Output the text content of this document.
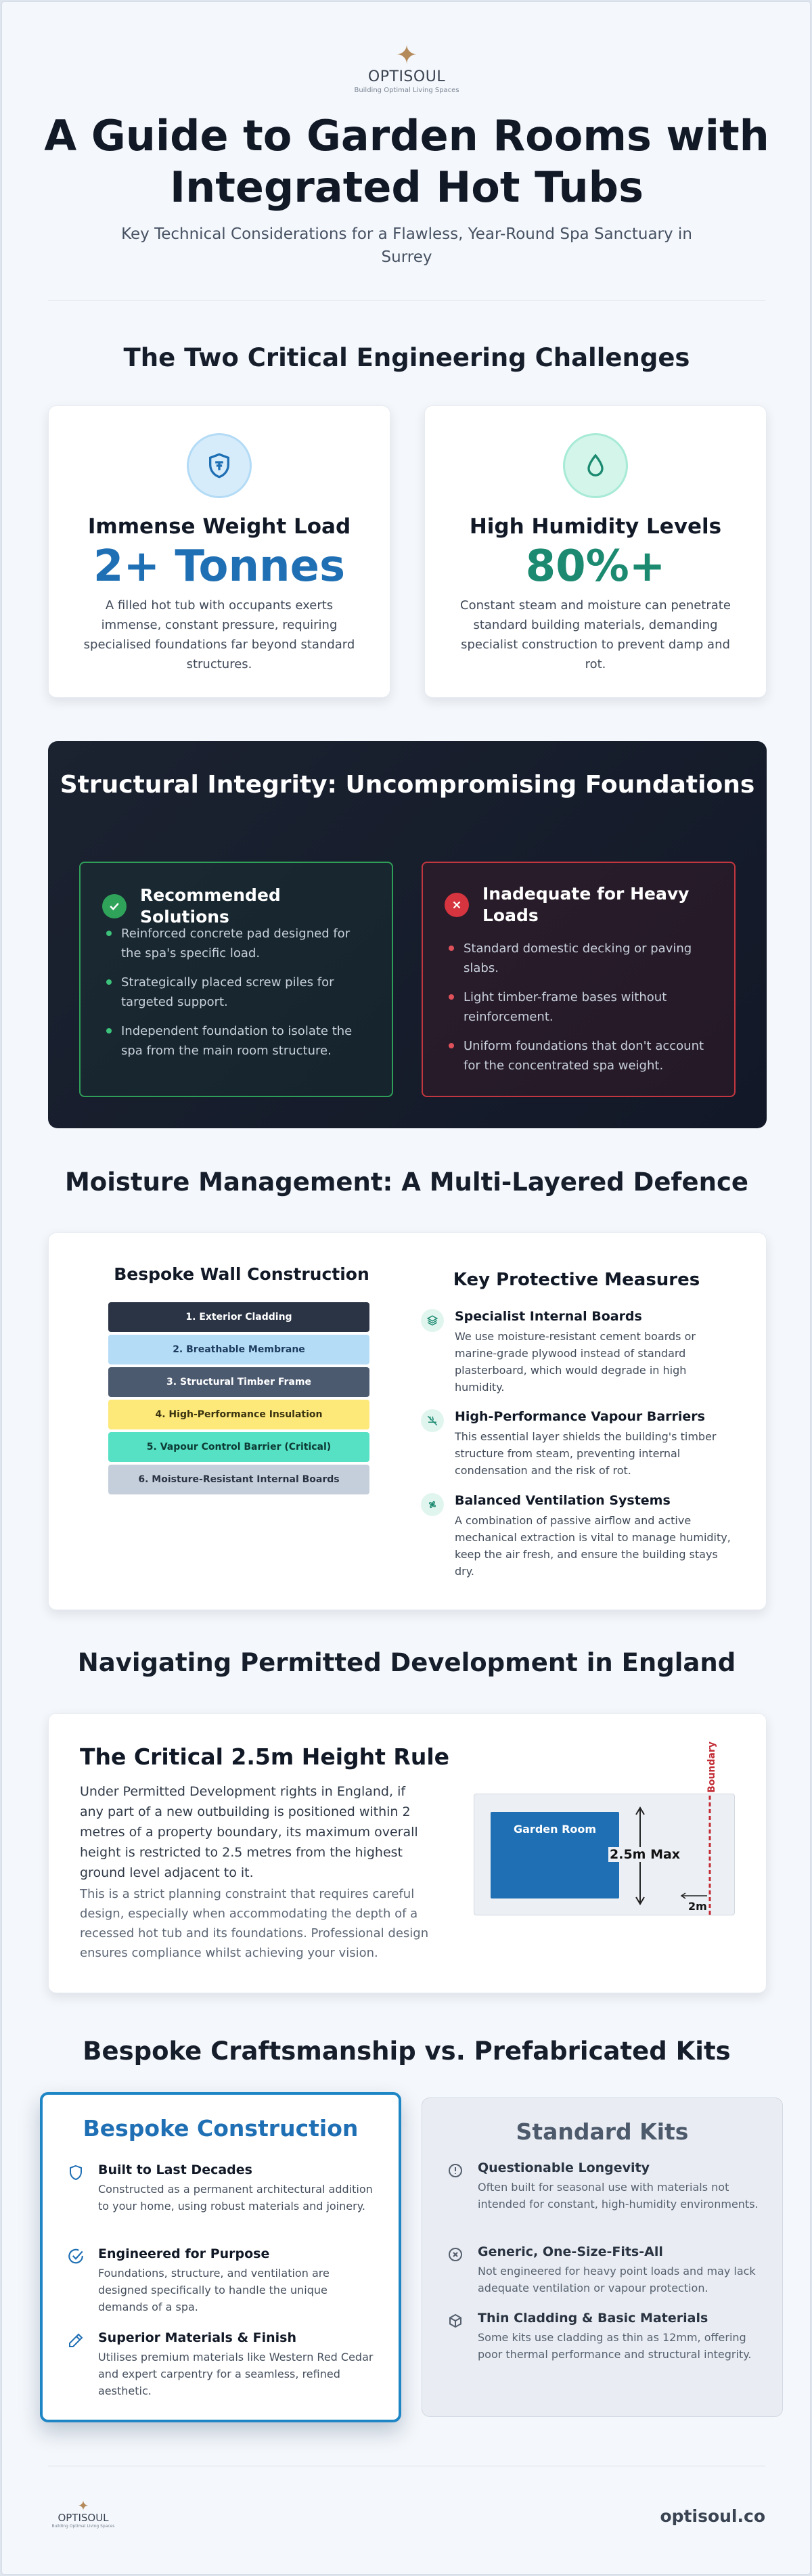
✦
OPTISOUL
Building Optimal Living Spaces
A Guide to Garden Rooms with
Integrated Hot Tubs

Key Technical Considerations for a Flawless, Year-Round Spa Sanctuary in Surrey

The Two Critical Engineering Challenges
Immense Weight Load
2+ Tonnes
A filled hot tub with occupants exerts immense, constant pressure, requiring specialised foundations far beyond standard structures.
High Humidity Levels
80%+
Constant steam and moisture can penetrate standard building materials, demanding specialist construction to prevent damp and rot.
Structural Integrity: Uncompromising Foundations
Recommended Solutions
Reinforced concrete pad designed for the spa's specific load.
Strategically placed screw piles for targeted support.
Independent foundation to isolate the spa from the main room structure.
Inadequate for Heavy Loads
Standard domestic decking or paving slabs.
Light timber-frame bases without reinforcement.
Uniform foundations that don't account for the concentrated spa weight.
Moisture Management: A Multi-Layered Defence
Bespoke Wall Construction
1. Exterior Cladding
2. Breathable Membrane
3. Structural Timber Frame
4. High-Performance Insulation
5. Vapour Control Barrier (Critical)
6. Moisture-Resistant Internal Boards
Key Protective Measures
Specialist Internal Boards
We use moisture-resistant cement boards or marine-grade plywood instead of standard plasterboard, which would degrade in high humidity.
High-Performance Vapour Barriers
This essential layer shields the building's timber structure from steam, preventing internal condensation and the risk of rot.
Balanced Ventilation Systems
A combination of passive airflow and active mechanical extraction is vital to manage humidity, keep the air fresh, and ensure the building stays dry.
Navigating Permitted Development in England
The Critical 2.5m Height Rule

Under Permitted Development rights in England, if any part of a new outbuilding is positioned within 2 metres of a property boundary, its maximum overall height is restricted to 2.5 metres from the highest ground level adjacent to it.

This is a strict planning constraint that requires careful design, especially when accommodating the depth of a recessed hot tub and its foundations. Professional design ensures compliance whilst achieving your vision.

Garden Room
2.5m Max
2m
Boundary
Bespoke Craftsmanship vs. Prefabricated Kits
Bespoke Construction
Built to Last Decades
Constructed as a permanent architectural addition to your home, using robust materials and joinery.
Engineered for Purpose
Foundations, structure, and ventilation are designed specifically to handle the unique demands of a spa.
Superior Materials & Finish
Utilises premium materials like Western Red Cedar and expert carpentry for a seamless, refined aesthetic.
Standard Kits
Questionable Longevity
Often built for seasonal use with materials not intended for constant, high-humidity environments.
Generic, One-Size-Fits-All
Not engineered for heavy point loads and may lack adequate ventilation or vapour protection.
Thin Cladding & Basic Materials
Some kits use cladding as thin as 12mm, offering poor thermal performance and structural integrity.
✦
OPTISOUL
Building Optimal Living Spaces
optisoul.co
